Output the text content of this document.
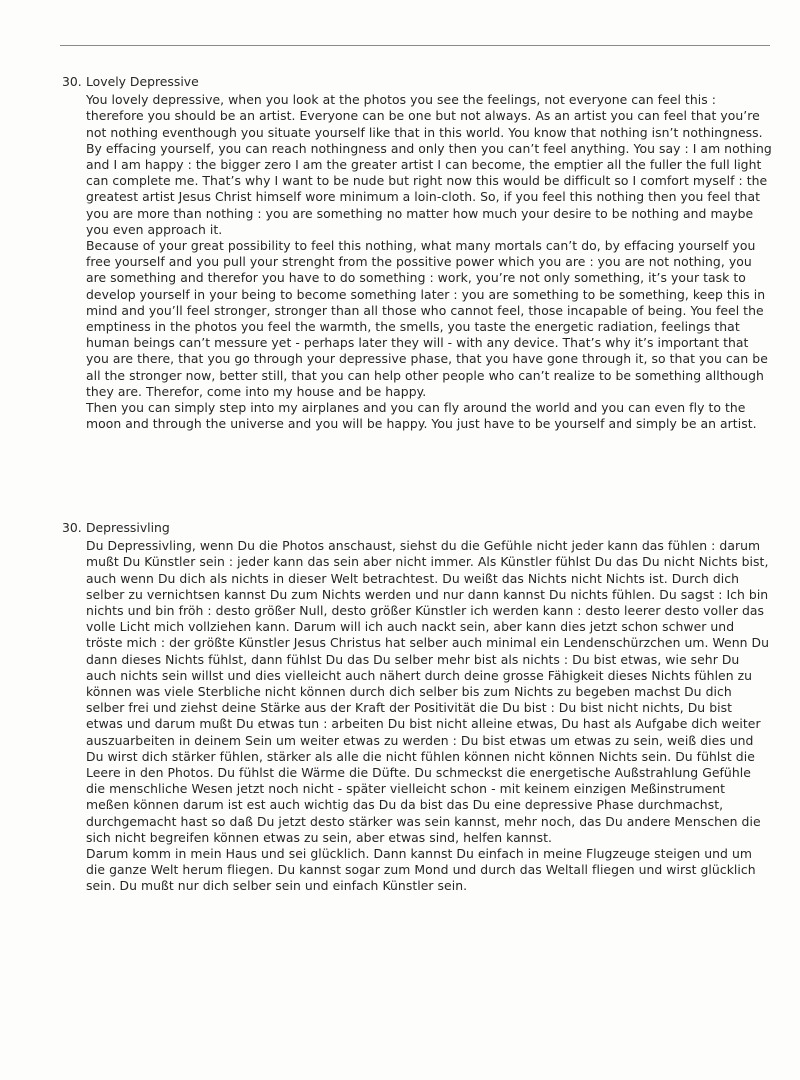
30. Lovely Depressive

You lovely depressive, when you look at the photos you see the feelings, not everyone can feel this : therefore you should be an artist. Everyone can be one but not always. As an artist you can feel that you’re not nothing eventhough you situate yourself like that in this world. You know that nothing isn’t nothingness. By effacing yourself, you can reach nothingness and only then you can’t feel anything. You say : I am nothing and I am happy : the bigger zero I am the greater artist I can become, the emptier all the fuller the full light can complete me. That’s why I want to be nude but right now this would be difficult so I comfort myself : the greatest artist Jesus Christ himself wore minimum a loin-cloth. So, if you feel this nothing then you feel that you are more than nothing : you are something no matter how much your desire to be nothing and maybe you even approach it.

Because of your great possibility to feel this nothing, what many mortals can’t do, by effacing yourself you free yourself and you pull your strenght from the possitive power which you are : you are not nothing, you are something and therefor you have to do something : work, you’re not only something, it’s your task to develop yourself in your being to become something later : you are something to be something, keep this in mind and you’ll feel stronger, stronger than all those who cannot feel, those incapable of being. You feel the emptiness in the photos you feel the warmth, the smells, you taste the energetic radiation, feelings that human beings can’t messure yet - perhaps later they will - with any device. That’s why it’s important that you are there, that you go through your depressive phase, that you have gone through it, so that you can be all the stronger now, better still, that you can help other people who can’t realize to be something allthough they are. Therefor, come into my house and be happy.

Then you can simply step into my airplanes and you can fly around the world and you can even fly to the moon and through the universe and you will be happy. You just have to be yourself and simply be an artist.

30. Depressivling

Du Depressivling, wenn Du die Photos anschaust, siehst du die Gefühle nicht jeder kann das fühlen : darum mußt Du Künstler sein : jeder kann das sein aber nicht immer. Als Künstler fühlst Du das Du nicht Nichts bist, auch wenn Du dich als nichts in dieser Welt betrachtest. Du weißt das Nichts nicht Nichts ist. Durch dich selber zu vernichtsen kannst Du zum Nichts werden und nur dann kannst Du nichts fühlen. Du sagst : Ich bin nichts und bin fröh : desto größer Null, desto größer Künstler ich werden kann : desto leerer desto voller das volle Licht mich vollziehen kann. Darum will ich auch nackt sein, aber kann dies jetzt schon schwer und tröste mich : der größte Künstler Jesus Christus hat selber auch minimal ein Lendenschürzchen um. Wenn Du dann dieses Nichts fühlst, dann fühlst Du das Du selber mehr bist als nichts : Du bist etwas, wie sehr Du auch nichts sein willst und dies vielleicht auch nähert durch deine grosse Fähigkeit dieses Nichts fühlen zu können was viele Sterbliche nicht können durch dich selber bis zum Nichts zu begeben machst Du dich selber frei und ziehst deine Stärke aus der Kraft der Positivität die Du bist : Du bist nicht nichts, Du bist etwas und darum mußt Du etwas tun : arbeiten Du bist nicht alleine etwas, Du hast als Aufgabe dich weiter auszuarbeiten in deinem Sein um weiter etwas zu werden : Du bist etwas um etwas zu sein, weiß dies und Du wirst dich stärker fühlen, stärker als alle die nicht fühlen können nicht können Nichts sein. Du fühlst die Leere in den Photos. Du fühlst die Wärme die Düfte. Du schmeckst die energetische Außstrahlung Gefühle die menschliche Wesen jetzt noch nicht - später vielleicht schon - mit keinem einzigen Meßinstrument meßen können darum ist est auch wichtig das Du da bist das Du eine depressive Phase durchmachst, durchgemacht hast so daß Du jetzt desto stärker was sein kannst, mehr noch, das Du andere Menschen die sich nicht begreifen können etwas zu sein, aber etwas sind, helfen kannst.

Darum komm in mein Haus und sei glücklich. Dann kannst Du einfach in meine Flugzeuge steigen und um die ganze Welt herum fliegen. Du kannst sogar zum Mond und durch das Weltall fliegen und wirst glücklich sein. Du mußt nur dich selber sein und einfach Künstler sein.
